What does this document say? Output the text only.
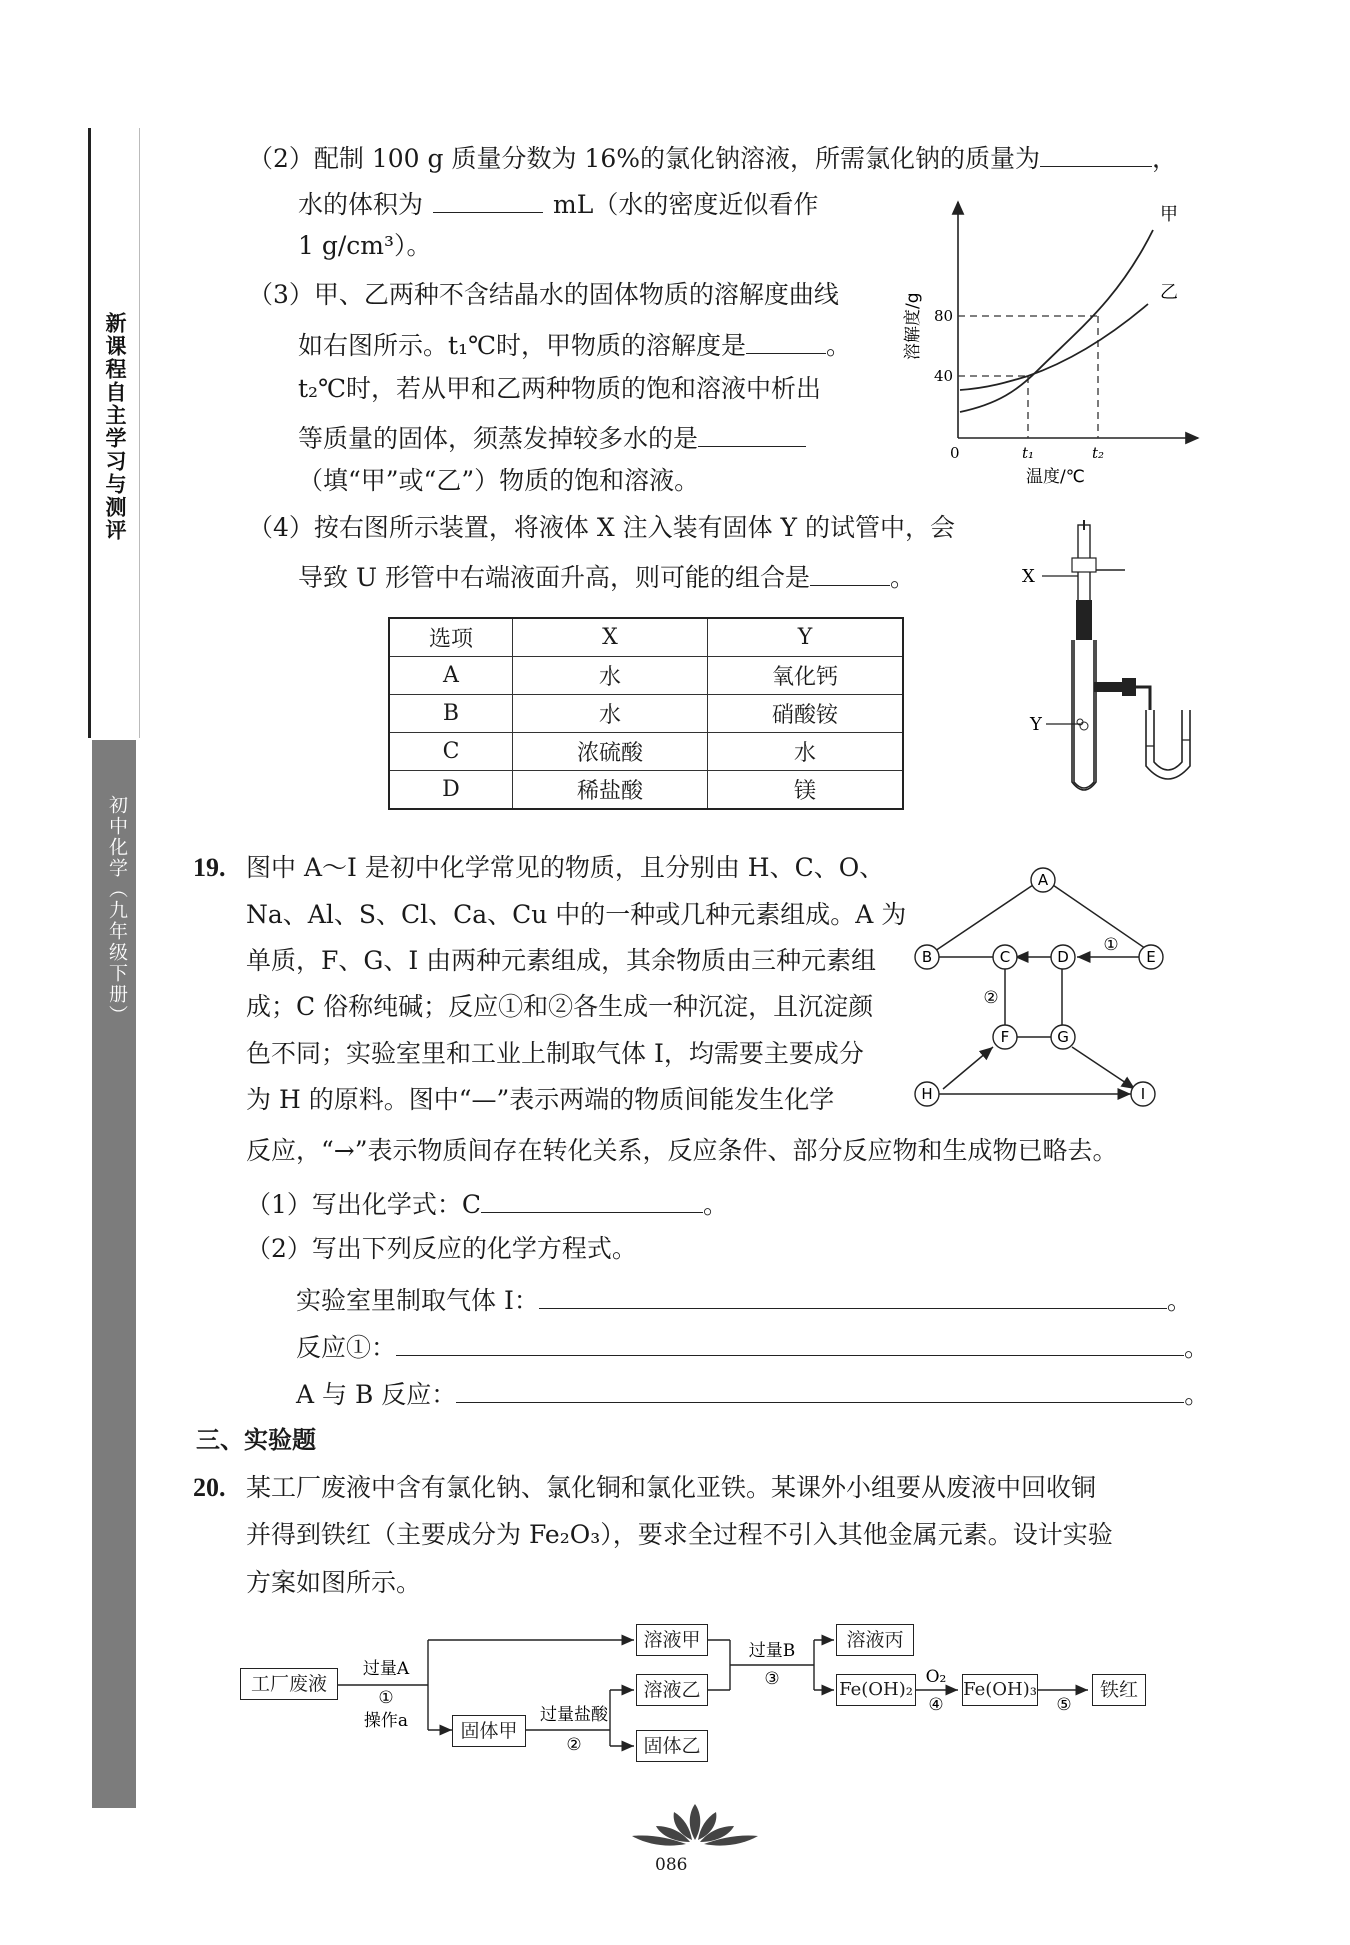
新课程自主学习与测评
初中化学（九年级下册）
（2）配制 100 g 质量分数为 16%的氯化钠溶液，所需氯化钠的质量为	，
水的体积为	mL（水的密度近似看作
1 g/cm³）。
（3）甲、乙两种不含结晶水的固体物质的溶解度曲线
如右图所示。t₁℃时，甲物质的溶解度是	。
t₂℃时，若从甲和乙两种物质的饱和溶液中析出
等质量的固体，须蒸发掉较多水的是
（填“甲”或“乙”）物质的饱和溶液。
甲
乙
80
40
0	t₁	t₂
温度/℃
溶解度/g
（4）按右图所示装置，将液体 X 注入装有固体 Y 的试管中，会
导致 U 形管中右端液面升高，则可能的组合是	。	X
Y
选项	X	Y
A	水	氧化钙
B	水	硝酸铵
C	浓硫酸	水
D	稀盐酸	镁
19. 图中 A～I 是初中化学常见的物质，且分别由 H、C、O、
Na、Al、S、Cl、Ca、Cu 中的一种或几种元素组成。A 为
单质，F、G、I 由两种元素组成，其余物质由三种元素组
成；C 俗称纯碱；反应①和②各生成一种沉淀，且沉淀颜
色不同；实验室里和工业上制取气体 I，均需要主要成分
为 H 的原料。图中“—”表示两端的物质间能发生化学
反应，“→”表示物质间存在转化关系，反应条件、部分反应物和生成物已略去。
A
B	C	D	E
F	G
H	I
①
②
（1）写出化学式：C	。
（2）写出下列反应的化学方程式。
实验室里制取气体 I：	。
反应①：	。
A 与 B 反应：	。
三、实验题
20. 某工厂废液中含有氯化钠、氯化铜和氯化亚铁。某课外小组要从废液中回收铜
并得到铁红（主要成分为 Fe₂O₃），要求全过程不引入其他金属元素。设计实验
方案如图所示。
过量A
①
操作a	过量盐酸
②
过量B
③	O₂
④	⑤
工厂废液
固体甲
溶液甲
溶液乙
固体乙
溶液丙
Fe(OH)₂	Fe(OH)₃	铁红
086
